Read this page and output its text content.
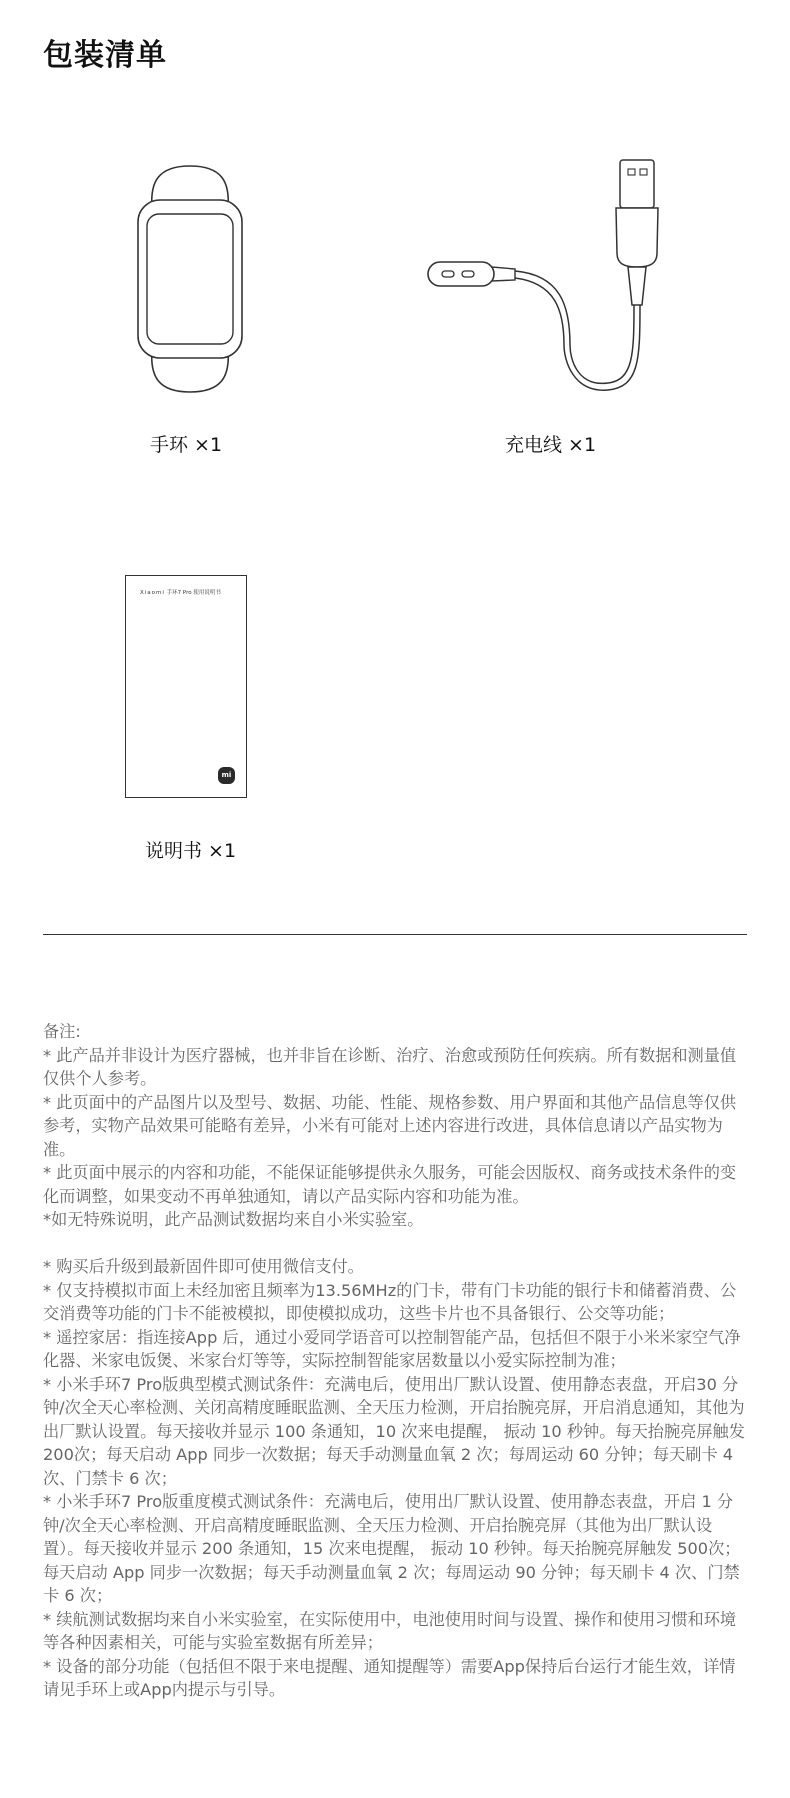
包装清单
手环 ×1	充电线 ×1
Xiaomi 手环7 Pro 使用说明书
mi
说明书 ×1

备注:

* 此产品并非设计为医疗器械，也并非旨在诊断、治疗、治愈或预防任何疾病。所有数据和测量值仅供个人参考。

* 此页面中的产品图片以及型号、数据、功能、性能、规格参数、用户界面和其他产品信息等仅供参考，实物产品效果可能略有差异，小米有可能对上述内容进行改进，具体信息请以产品实物为准。

* 此页面中展示的内容和功能，不能保证能够提供永久服务，可能会因版权、商务或技术条件的变化而调整，如果变动不再单独通知，请以产品实际内容和功能为准。

*如无特殊说明，此产品测试数据均来自小米实验室。

* 购买后升级到最新固件即可使用微信支付。

* 仅支持模拟市面上未经加密且频率为13.56MHz的门卡，带有门卡功能的银行卡和储蓄消费、公交消费等功能的门卡不能被模拟，即使模拟成功，这些卡片也不具备银行、公交等功能；

* 遥控家居：指连接App 后，通过小爱同学语音可以控制智能产品，包括但不限于小米米家空气净化器、米家电饭煲、米家台灯等等，实际控制智能家居数量以小爱实际控制为准；

* 小米手环7 Pro版典型模式测试条件：充满电后，使用出厂默认设置、使用静态表盘，开启30 分钟/次全天心率检测、关闭高精度睡眠监测、全天压力检测，开启抬腕亮屏，开启消息通知，其他为出厂默认设置。每天接收并显示 100 条通知，10 次来电提醒， 振动 10 秒钟。每天抬腕亮屏触发 200次；每天启动 App 同步一次数据；每天手动测量血氧 2 次；每周运动 60 分钟；每天刷卡 4 次、门禁卡 6 次；

* 小米手环7 Pro版重度模式测试条件：充满电后，使用出厂默认设置、使用静态表盘，开启 1 分钟/次全天心率检测、开启高精度睡眠监测、全天压力检测、开启抬腕亮屏（其他为出厂默认设置）。每天接收并显示 200 条通知，15 次来电提醒， 振动 10 秒钟。每天抬腕亮屏触发 500次；每天启动 App 同步一次数据；每天手动测量血氧 2 次；每周运动 90 分钟；每天刷卡 4 次、门禁卡 6 次；

* 续航测试数据均来自小米实验室，在实际使用中，电池使用时间与设置、操作和使用习惯和环境等各种因素相关，可能与实验室数据有所差异；

* 设备的部分功能（包括但不限于来电提醒、通知提醒等）需要App保持后台运行才能生效，详情请见手环上或App内提示与引导。
